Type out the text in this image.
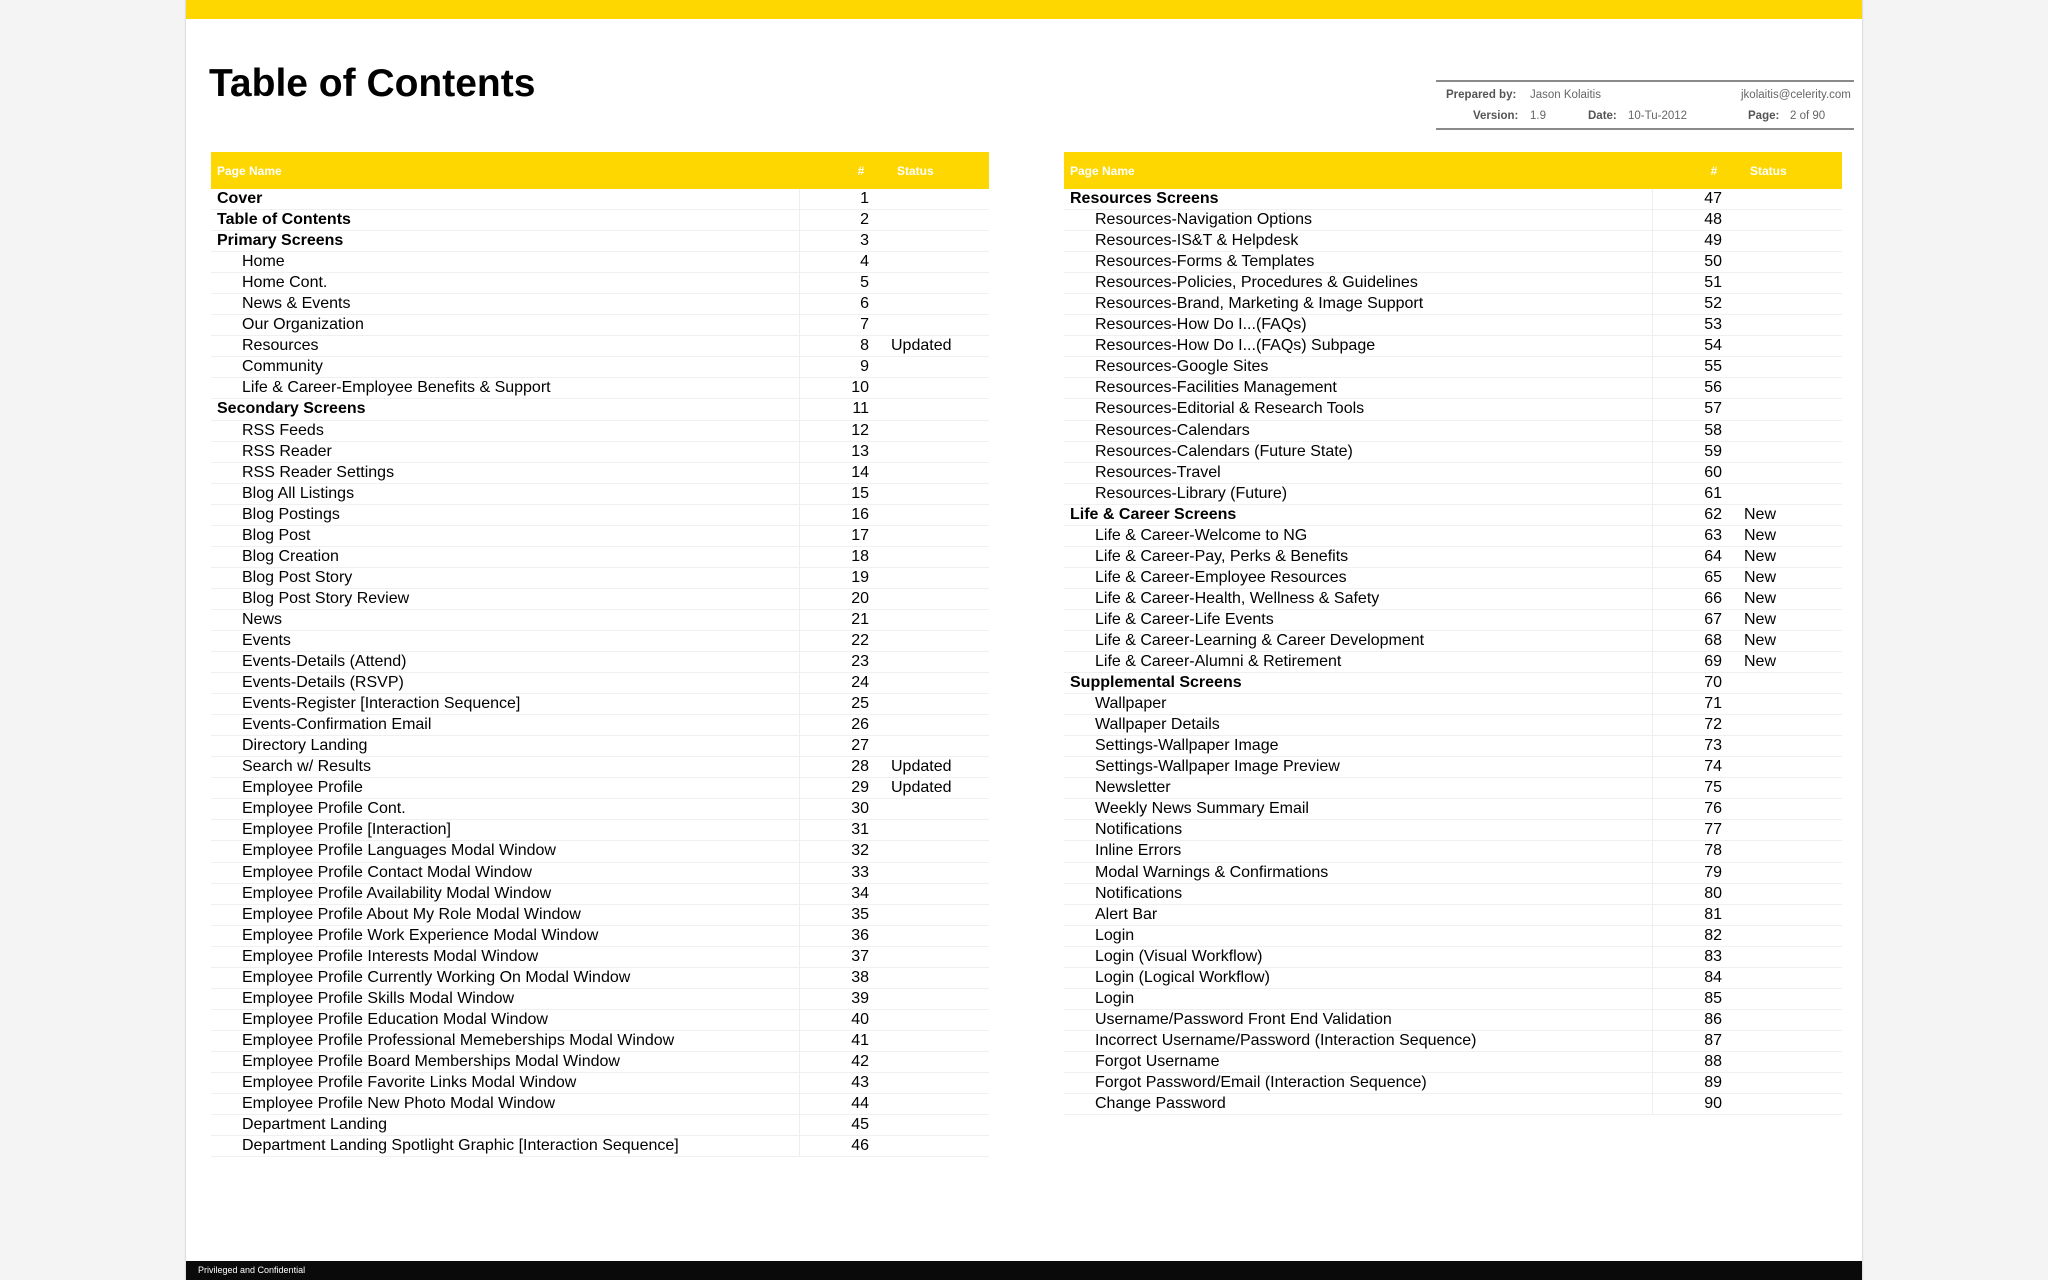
Table of Contents	Prepared by: Jason Kolaitis	jkolaitis@celerity.com
Version: 1.9	Date: 10-Tu-2012	Page: 2 of 90
Page Name	#	Status
Cover	1
Table of Contents	2
Primary Screens	3
Home	4
Home Cont.	5
News & Events	6
Our Organization	7
Resources	8 Updated
Community	9
Life & Career-Employee Benefits & Support	10
Secondary Screens	11
RSS Feeds	12
RSS Reader	13
RSS Reader Settings	14
Blog All Listings	15
Blog Postings	16
Blog Post	17
Blog Creation	18
Blog Post Story	19
Blog Post Story Review	20
News	21
Events	22
Events-Details (Attend)	23
Events-Details (RSVP)	24
Events-Register [Interaction Sequence]	25
Events-Confirmation Email	26
Directory Landing	27
Search w/ Results	28 Updated
Employee Profile	29 Updated
Employee Profile Cont.	30
Employee Profile [Interaction]	31
Employee Profile Languages Modal Window	32
Employee Profile Contact Modal Window	33
Employee Profile Availability Modal Window	34
Employee Profile About My Role Modal Window	35
Employee Profile Work Experience Modal Window	36
Employee Profile Interests Modal Window	37
Employee Profile Currently Working On Modal Window	38
Employee Profile Skills Modal Window	39
Employee Profile Education Modal Window	40
Employee Profile Professional Memeberships Modal Window	41
Employee Profile Board Memberships Modal Window	42
Employee Profile Favorite Links Modal Window	43
Employee Profile New Photo Modal Window	44
Department Landing	45
Department Landing Spotlight Graphic [Interaction Sequence]	46
Page Name	#	Status
Resources Screens	47
Resources-Navigation Options	48
Resources-IS&T & Helpdesk	49
Resources-Forms & Templates	50
Resources-Policies, Procedures & Guidelines	51
Resources-Brand, Marketing & Image Support	52
Resources-How Do I...(FAQs)	53
Resources-How Do I...(FAQs) Subpage	54
Resources-Google Sites	55
Resources-Facilities Management	56
Resources-Editorial & Research Tools	57
Resources-Calendars	58
Resources-Calendars (Future State)	59
Resources-Travel	60
Resources-Library (Future)	61
Life & Career Screens	62 New
Life & Career-Welcome to NG	63 New
Life & Career-Pay, Perks & Benefits	64 New
Life & Career-Employee Resources	65 New
Life & Career-Health, Wellness & Safety	66 New
Life & Career-Life Events	67 New
Life & Career-Learning & Career Development	68 New
Life & Career-Alumni & Retirement	69 New
Supplemental Screens	70
Wallpaper	71
Wallpaper Details	72
Settings-Wallpaper Image	73
Settings-Wallpaper Image Preview	74
Newsletter	75
Weekly News Summary Email	76
Notifications	77
Inline Errors	78
Modal Warnings & Confirmations	79
Notifications	80
Alert Bar	81
Login	82
Login (Visual Workflow)	83
Login (Logical Workflow)	84
Login	85
Username/Password Front End Validation	86
Incorrect Username/Password (Interaction Sequence)	87
Forgot Username	88
Forgot Password/Email (Interaction Sequence)	89
Change Password	90
Privileged and Confidential
